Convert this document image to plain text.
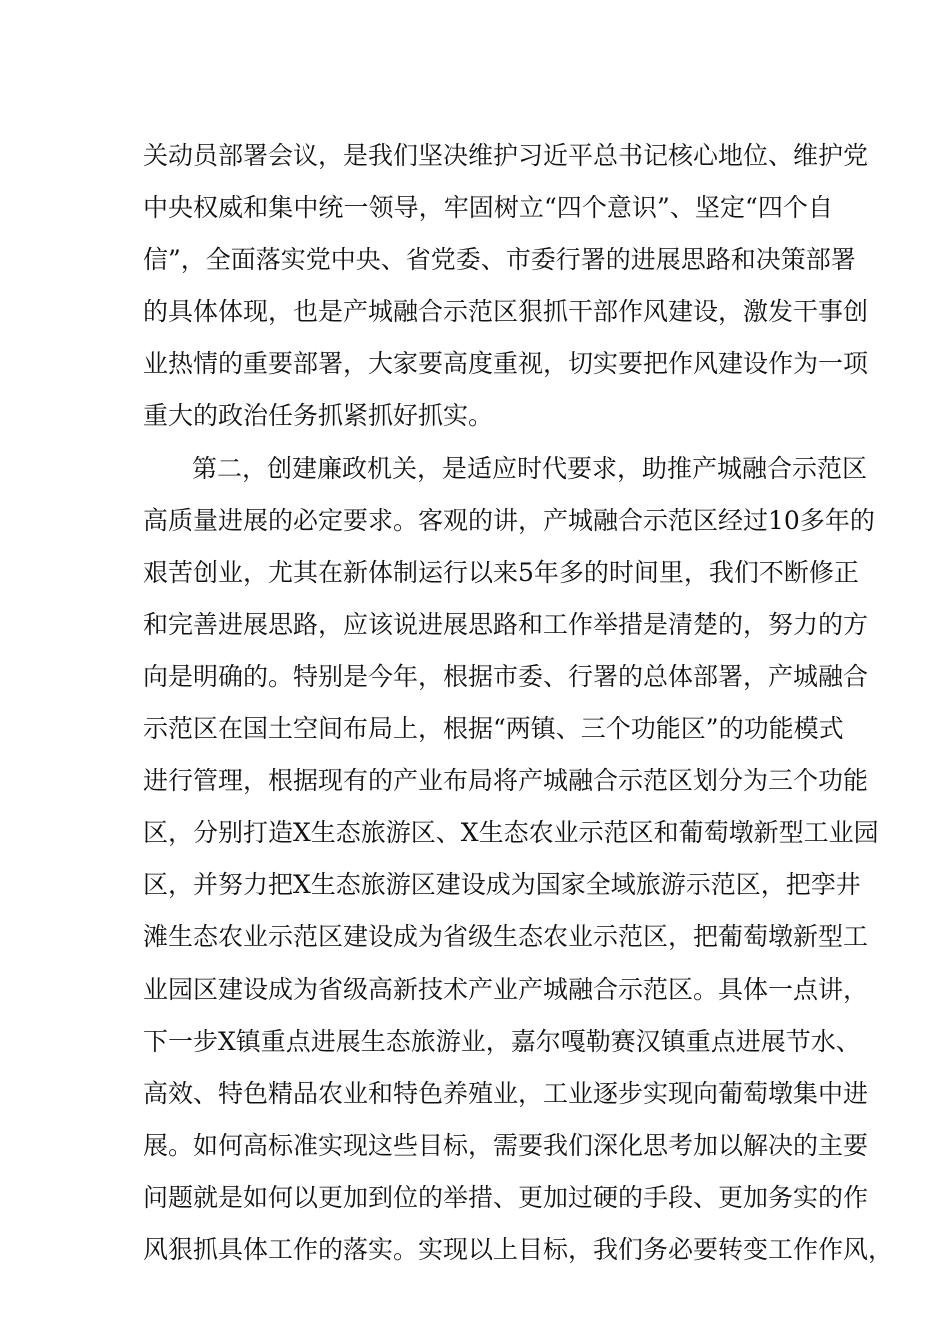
关动员部署会议，是我们坚决维护习近平总书记核心地位、维护党
中央权威和集中统一领导，牢固树立“四个意识”、坚定“四个自
信”，全面落实党中央、省党委、市委行署的进展思路和决策部署
的具体体现，也是产城融合示范区狠抓干部作风建设，激发干事创
业热情的重要部署，大家要高度重视，切实要把作风建设作为一项
重大的政治任务抓紧抓好抓实。
第二，创建廉政机关，是适应时代要求，助推产城融合示范区
高质量进展的必定要求。客观的讲，产城融合示范区经过10多年的
艰苦创业，尤其在新体制运行以来5年多的时间里，我们不断修正
和完善进展思路，应该说进展思路和工作举措是清楚的，努力的方
向是明确的。特别是今年，根据市委、行署的总体部署，产城融合
示范区在国土空间布局上，根据“两镇、三个功能区”的功能模式
进行管理，根据现有的产业布局将产城融合示范区划分为三个功能
区，分别打造X生态旅游区、X生态农业示范区和葡萄墩新型工业园
区，并努力把X生态旅游区建设成为国家全域旅游示范区，把孪井
滩生态农业示范区建设成为省级生态农业示范区，把葡萄墩新型工
业园区建设成为省级高新技术产业产城融合示范区。具体一点讲，
下一步X镇重点进展生态旅游业，嘉尔嘎勒赛汉镇重点进展节水、
高效、特色精品农业和特色养殖业，工业逐步实现向葡萄墩集中进
展。如何高标准实现这些目标，需要我们深化思考加以解决的主要
问题就是如何以更加到位的举措、更加过硬的手段、更加务实的作
风狠抓具体工作的落实。实现以上目标，我们务必要转变工作作风，
